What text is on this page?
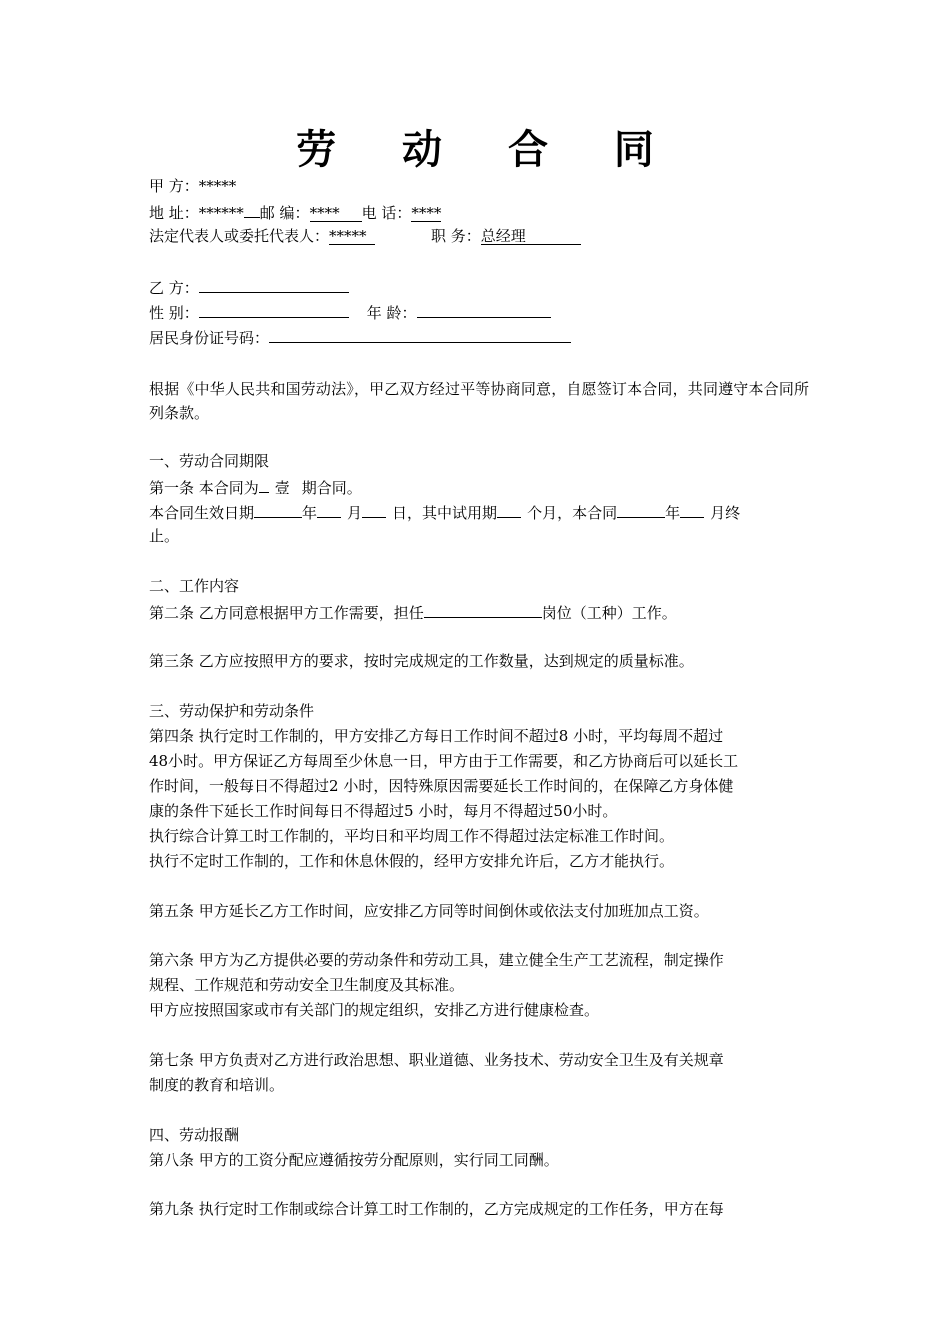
劳 动 合 同
甲 方：*****
地 址：****** 邮 编：**** 电 话：****
法定代表人或委托代表人：*****	职 务：总经理
乙 方：
性 别：	年 龄：
居民身份证号码：
根据《中华人民共和国劳动法》，甲乙双方经过平等协商同意，自愿签订本合同，共同遵守本合同所列条款。
一、劳动合同期限
第一条 本合同为 壹 期合同。
本合同生效日期	年 月 日，其中试用期 个月，本合同	年 月终
止。
二、工作内容
第二条 乙方同意根据甲方工作需要，担任	岗位（工种）工作。
第三条 乙方应按照甲方的要求，按时完成规定的工作数量，达到规定的质量标准。
三、劳动保护和劳动条件
第四条 执行定时工作制的，甲方安排乙方每日工作时间不超过8 小时，平均每周不超过
48小时。甲方保证乙方每周至少休息一日，甲方由于工作需要，和乙方协商后可以延长工
作时间，一般每日不得超过2 小时，因特殊原因需要延长工作时间的，在保障乙方身体健
康的条件下延长工作时间每日不得超过5 小时，每月不得超过50小时。
执行综合计算工时工作制的，平均日和平均周工作不得超过法定标准工作时间。
执行不定时工作制的，工作和休息休假的，经甲方安排允许后，乙方才能执行。
第五条 甲方延长乙方工作时间，应安排乙方同等时间倒休或依法支付加班加点工资。
第六条 甲方为乙方提供必要的劳动条件和劳动工具，建立健全生产工艺流程，制定操作
规程、工作规范和劳动安全卫生制度及其标准。
甲方应按照国家或市有关部门的规定组织，安排乙方进行健康检查。
第七条 甲方负责对乙方进行政治思想、职业道德、业务技术、劳动安全卫生及有关规章
制度的教育和培训。
四、劳动报酬
第八条 甲方的工资分配应遵循按劳分配原则，实行同工同酬。
第九条 执行定时工作制或综合计算工时工作制的，乙方完成规定的工作任务，甲方在每
